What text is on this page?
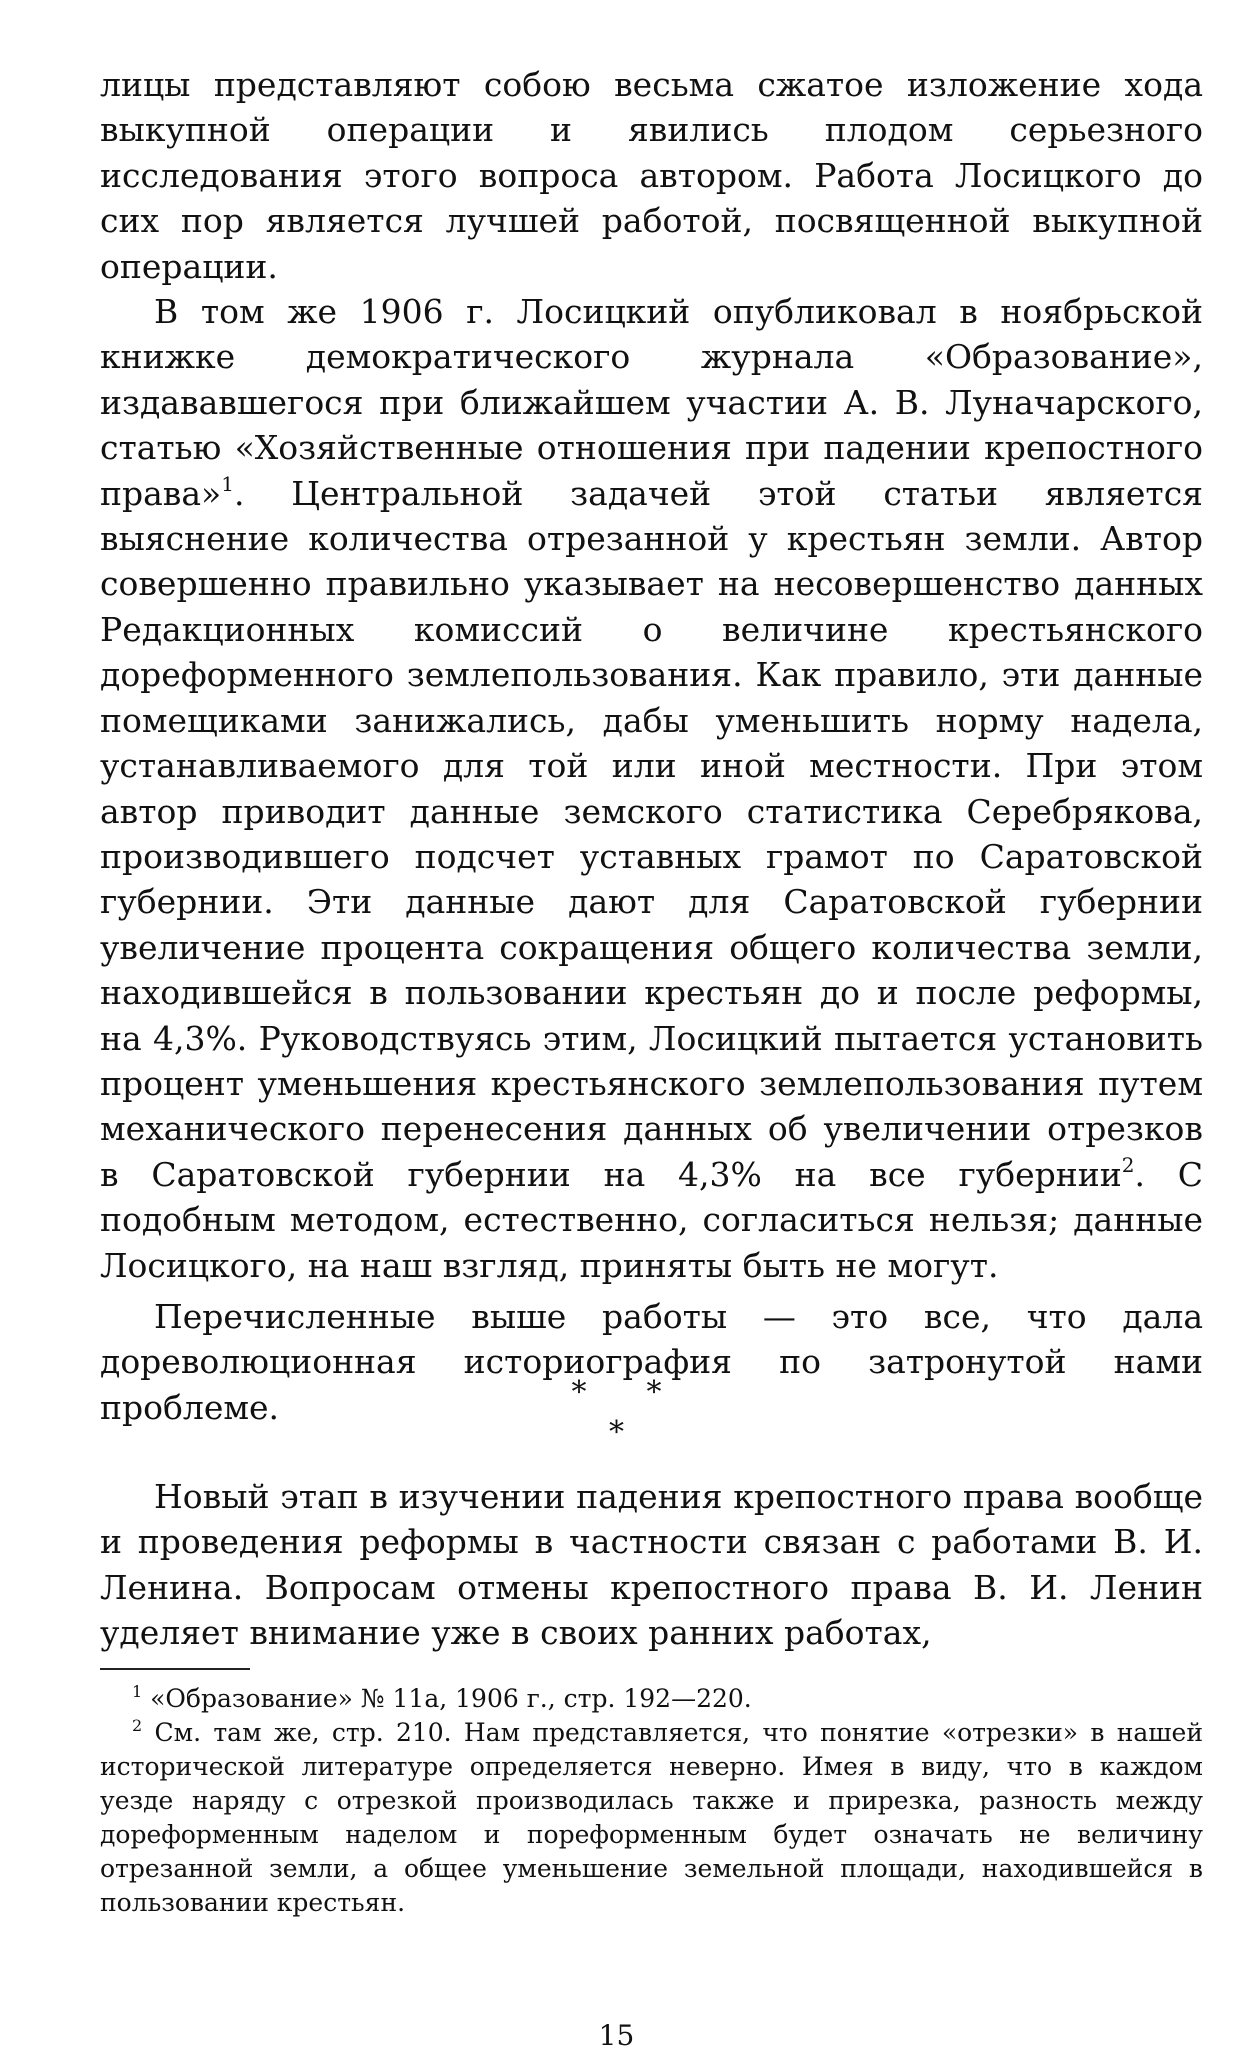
лицы представляют собою весьма сжатое изложение хода выкупной операции и явились плодом серьезного исследования этого вопроса автором. Работа Лосицкого до сих пор является лучшей работой, посвященной выкупной операции.

В том же 1906 г. Лосицкий опубликовал в ноябрьской книжке демократического журнала «Образование», издававшегося при ближайшем участии А. В. Луначарского, статью «Хозяйственные отношения при падении крепостного права»$^1$. Центральной задачей этой статьи является выяснение количества отрезанной у крестьян земли. Автор совершенно правильно указывает на несовершенство данных Редакционных комиссий о величине крестьянского дореформенного землепользования. Как правило, эти данные помещиками занижались, дабы уменьшить норму надела, устанавливаемого для той или иной местности. При этом автор приводит данные земского статистика Серебрякова, производившего подсчет уставных грамот по Саратовской губернии. Эти данные дают для Саратовской губернии увеличение процента сокращения общего количества земли, находившейся в пользовании крестьян до и после реформы, на 4,3%. Руководствуясь этим, Лосицкий пытается установить процент уменьшения крестьянского землепользования путем механического перенесения данных об увеличении отрезков в Саратовской губернии на 4,3% на все губернии$^2$. С подобным методом, естественно, согласиться нельзя; данные Лосицкого, на наш взгляд, приняты быть не могут.

Перечисленные выше работы — это все, что дала дореволюционная историография по затронутой нами проблеме.	* *
*

Новый этап в изучении падения крепостного права вообще и проведения реформы в частности связан с работами В. И. Ленина. Вопросам отмены крепостного права В. И. Ленин уделяет внимание уже в своих ранних работах,

$^1$ «Образование» № 11а, 1906 г., стр. 192—220.

$^2$ См. там же, стр. 210. Нам представляется, что понятие «отрезки» в нашей исторической литературе определяется неверно. Имея в виду, что в каждом уезде наряду с отрезкой производилась также и прирезка, разность между дореформенным наделом и пореформенным будет означать не величину отрезанной земли, а общее уменьшение земельной площади, находившейся в пользовании крестьян.

15
